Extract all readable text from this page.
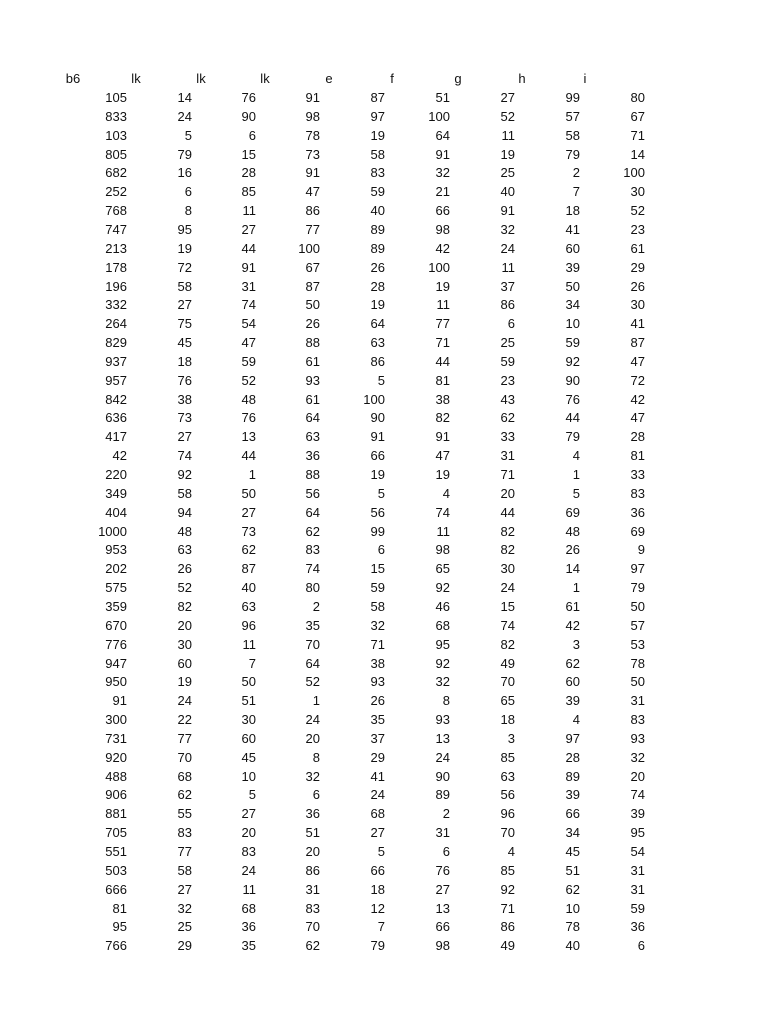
b6	lk	lk	lk	e	f	g	h	i
105	14	76	91	87	51	27	99	80
833	24	90	98	97	100	52	57	67
103	5	6	78	19	64	11	58	71
805	79	15	73	58	91	19	79	14
682	16	28	91	83	32	25	2	100
252	6	85	47	59	21	40	7	30
768	8	11	86	40	66	91	18	52
747	95	27	77	89	98	32	41	23
213	19	44	100	89	42	24	60	61
178	72	91	67	26	100	11	39	29
196	58	31	87	28	19	37	50	26
332	27	74	50	19	11	86	34	30
264	75	54	26	64	77	6	10	41
829	45	47	88	63	71	25	59	87
937	18	59	61	86	44	59	92	47
957	76	52	93	5	81	23	90	72
842	38	48	61	100	38	43	76	42
636	73	76	64	90	82	62	44	47
417	27	13	63	91	91	33	79	28
42	74	44	36	66	47	31	4	81
220	92	1	88	19	19	71	1	33
349	58	50	56	5	4	20	5	83
404	94	27	64	56	74	44	69	36
1000	48	73	62	99	11	82	48	69
953	63	62	83	6	98	82	26	9
202	26	87	74	15	65	30	14	97
575	52	40	80	59	92	24	1	79
359	82	63	2	58	46	15	61	50
670	20	96	35	32	68	74	42	57
776	30	11	70	71	95	82	3	53
947	60	7	64	38	92	49	62	78
950	19	50	52	93	32	70	60	50
91	24	51	1	26	8	65	39	31
300	22	30	24	35	93	18	4	83
731	77	60	20	37	13	3	97	93
920	70	45	8	29	24	85	28	32
488	68	10	32	41	90	63	89	20
906	62	5	6	24	89	56	39	74
881	55	27	36	68	2	96	66	39
705	83	20	51	27	31	70	34	95
551	77	83	20	5	6	4	45	54
503	58	24	86	66	76	85	51	31
666	27	11	31	18	27	92	62	31
81	32	68	83	12	13	71	10	59
95	25	36	70	7	66	86	78	36
766	29	35	62	79	98	49	40	6
